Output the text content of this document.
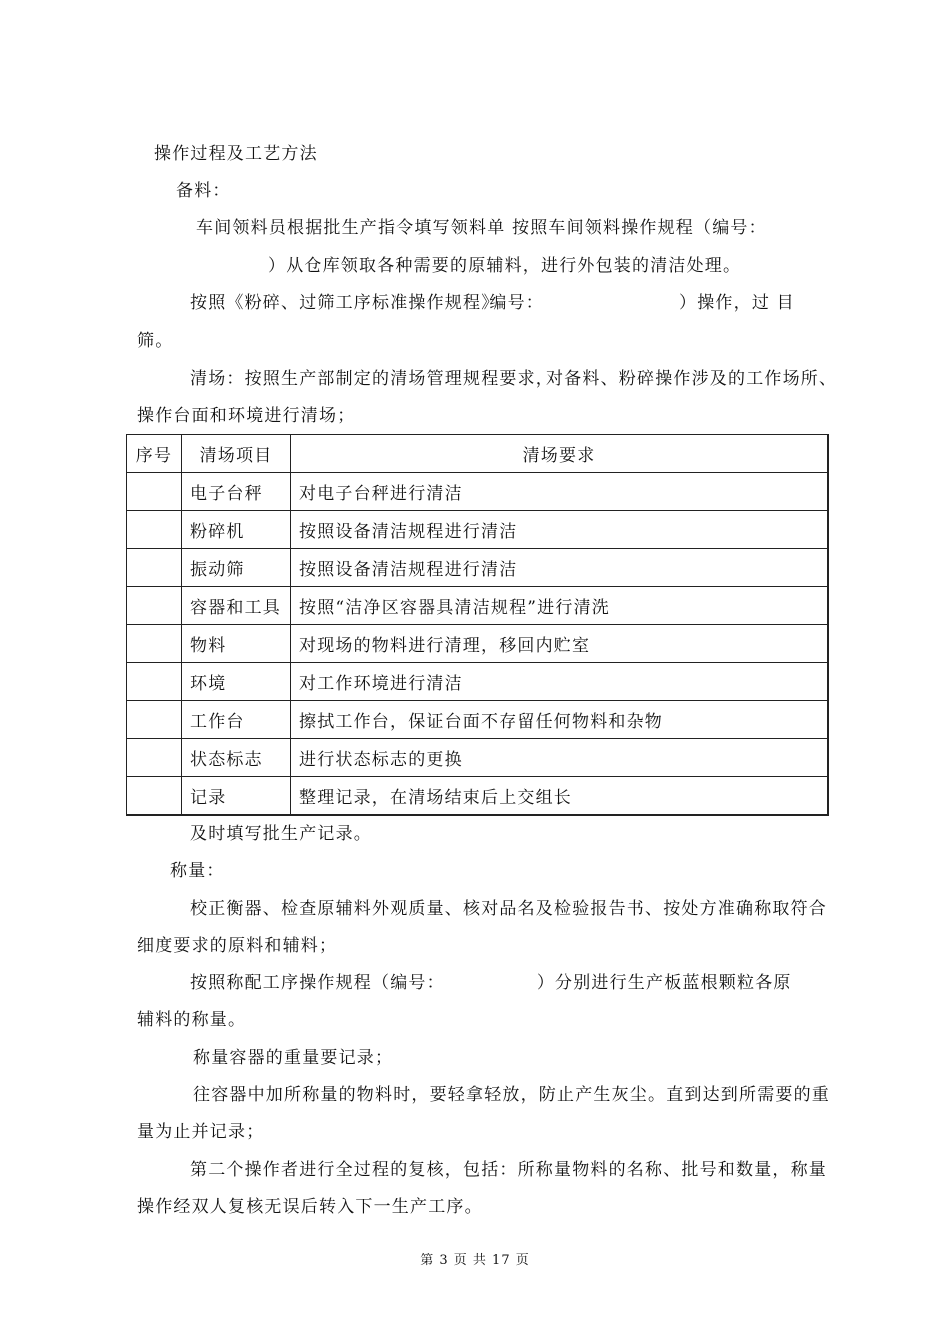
操作过程及工艺方法
备料：
车间领料员根据批生产指令填写领料单 按照车间领料操作规程（编号：
）从仓库领取各种需要的原辅料，进行外包装的清洁处理。
按照《粉碎、过筛工序标准操作规程》编号：	）操作，过 目
筛。
清场：按照生产部制定的清场管理规程要求，对备料、粉碎操作涉及的工作场所、
操作台面和环境进行清场；
序号	清场项目	清场要求
	电子台秤	对电子台秤进行清洁
	粉碎机	按照设备清洁规程进行清洁
	振动筛	按照设备清洁规程进行清洁
	容器和工具	按照“洁净区容器具清洁规程”进行清洗
	物料	对现场的物料进行清理，移回内贮室
	环境	对工作环境进行清洁
	工作台	擦拭工作台，保证台面不存留任何物料和杂物
	状态标志	进行状态标志的更换
	记录	整理记录，在清场结束后上交组长
及时填写批生产记录。
称量：
校正衡器、检查原辅料外观质量、核对品名及检验报告书、按处方准确称取符合
细度要求的原料和辅料；
按照称配工序操作规程（编号：	）分别进行生产板蓝根颗粒各原
辅料的称量。
称量容器的重量要记录；
往容器中加所称量的物料时，要轻拿轻放，防止产生灰尘。直到达到所需要的重
量为止并记录；
第二个操作者进行全过程的复核，包括：所称量物料的名称、批号和数量，称量
操作经双人复核无误后转入下一生产工序。
第 3 页 共 17 页
